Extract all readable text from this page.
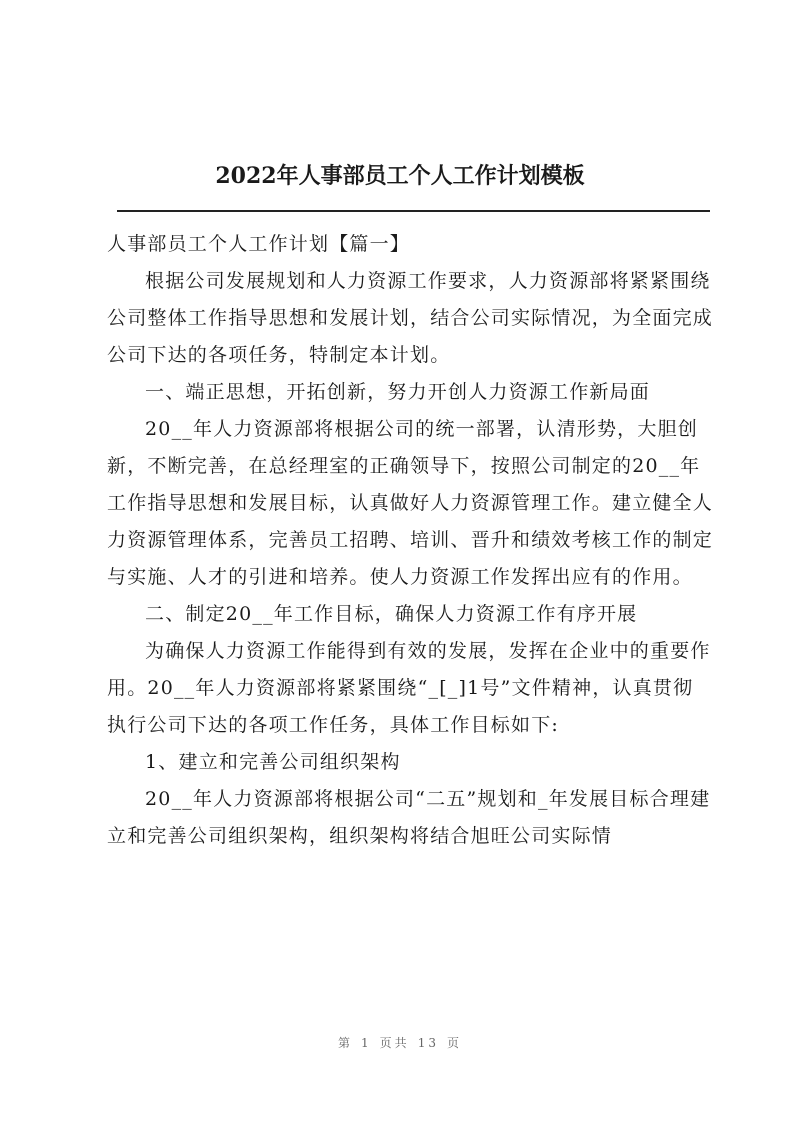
2022年人事部员工个人工作计划模板

人事部员工个人工作计划【篇一】

根据公司发展规划和人力资源工作要求，人力资源部将紧紧围绕公司整体工作指导思想和发展计划，结合公司实际情况，为全面完成公司下达的各项任务，特制定本计划。

一、端正思想，开拓创新，努力开创人力资源工作新局面

20__年人力资源部将根据公司的统一部署，认清形势，大胆创新，不断完善，在总经理室的正确领导下，按照公司制定的20__年工作指导思想和发展目标，认真做好人力资源管理工作。建立健全人力资源管理体系，完善员工招聘、培训、晋升和绩效考核工作的制定与实施、人才的引进和培养。使人力资源工作发挥出应有的作用。

二、制定20__年工作目标，确保人力资源工作有序开展

为确保人力资源工作能得到有效的发展，发挥在企业中的重要作用。20__年人力资源部将紧紧围绕“_[_]1号”文件精神，认真贯彻执行公司下达的各项工作任务，具体工作目标如下:

1、建立和完善公司组织架构

20__年人力资源部将根据公司“二五”规划和_年发展目标合理建立和完善公司组织架构，组织架构将结合旭旺公司实际情

第 1 页共 13 页
